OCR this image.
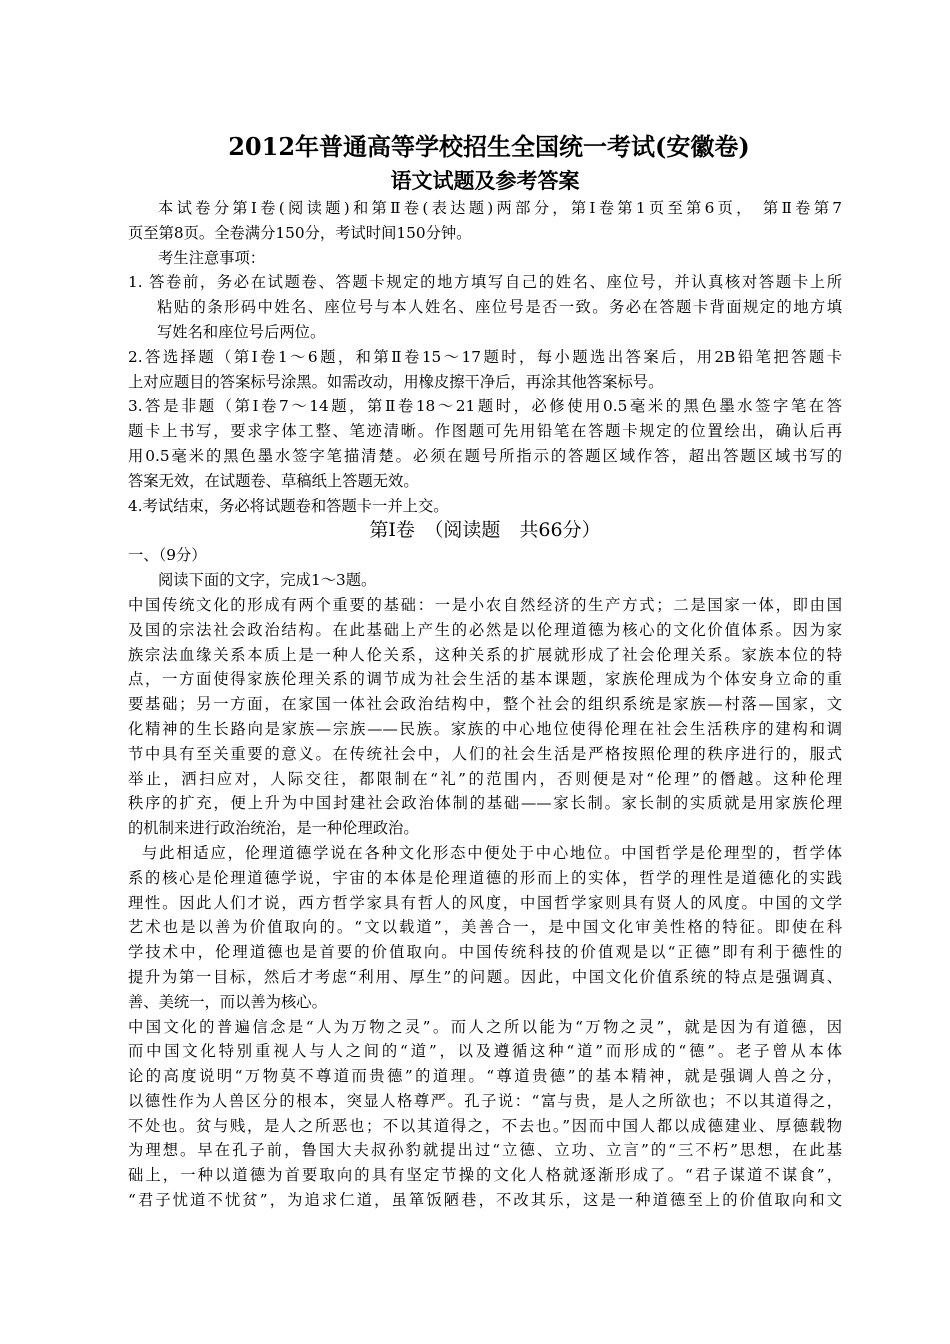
2012年普通高等学校招生全国统一考试(安徽卷)
语文试题及参考答案
本试卷分第Ⅰ卷(阅读题)和第Ⅱ卷(表达题)两部分，第Ⅰ卷第1页至第6页， 第Ⅱ卷第7
页至第8页。全卷满分150分，考试时间150分钟。
考生注意事项：
1. 答卷前，务必在试题卷、答题卡规定的地方填写自己的姓名、座位号，并认真核对答题卡上所
粘贴的条形码中姓名、座位号与本人姓名、座位号是否一致。务必在答题卡背面规定的地方填
写姓名和座位号后两位。
2.答选择题（第Ⅰ卷1～6题，和第Ⅱ卷15～17题时，每小题选出答案后，用2B铅笔把答题卡
上对应题目的答案标号涂黑。如需改动，用橡皮擦干净后，再涂其他答案标号。
3.答是非题（第Ⅰ卷7～14题，第Ⅱ卷18～21题时，必修使用0.5毫米的黑色墨水签字笔在答
题卡上书写，要求字体工整、笔迹清晰。作图题可先用铅笔在答题卡规定的位置绘出，确认后再
用0.5毫米的黑色墨水签字笔描清楚。必须在题号所指示的答题区域作答，超出答题区域书写的
答案无效，在试题卷、草稿纸上答题无效。
4.考试结束，务必将试题卷和答题卡一并上交。
第Ⅰ卷　（阅读题　共66分）
一、（9分）
阅读下面的文字，完成1～3题。
中国传统文化的形成有两个重要的基础：一是小农自然经济的生产方式；二是国家一体，即由国
及国的宗法社会政治结构。在此基础上产生的必然是以伦理道德为核心的文化价值体系。因为家
族宗法血缘关系本质上是一种人伦关系，这种关系的扩展就形成了社会伦理关系。家族本位的特
点，一方面使得家族伦理关系的调节成为社会生活的基本课题，家族伦理成为个体安身立命的重
要基础；另一方面，在家国一体社会政治结构中，整个社会的组织系统是家族—村落—国家，文
化精神的生长路向是家族—宗族——民族。家族的中心地位使得伦理在社会生活秩序的建构和调
节中具有至关重要的意义。在传统社会中，人们的社会生活是严格按照伦理的秩序进行的，服式
举止，洒扫应对，人际交往，都限制在“礼”的范围内，否则便是对“伦理”的僭越。这种伦理
秩序的扩充，便上升为中国封建社会政治体制的基础——家长制。家长制的实质就是用家族伦理
的机制来进行政治统治，是一种伦理政治。
与此相适应，伦理道德学说在各种文化形态中便处于中心地位。中国哲学是伦理型的，哲学体
系的核心是伦理道德学说，宇宙的本体是伦理道德的形而上的实体，哲学的理性是道德化的实践
理性。因此人们才说，西方哲学家具有哲人的风度，中国哲学家则具有贤人的风度。中国的文学
艺术也是以善为价值取向的。“文以载道”，美善合一，是中国文化审美性格的特征。即使在科
学技术中，伦理道德也是首要的价值取向。中国传统科技的价值观是以“正德”即有利于德性的
提升为第一目标，然后才考虑“利用、厚生”的问题。因此，中国文化价值系统的特点是强调真、
善、美统一，而以善为核心。
中国文化的普遍信念是“人为万物之灵”。而人之所以能为“万物之灵”，就是因为有道德，因
而中国文化特别重视人与人之间的“道”，以及遵循这种“道”而形成的“德”。老子曾从本体
论的高度说明“万物莫不尊道而贵德”的道理。“尊道贵德”的基本精神，就是强调人兽之分，
以德性作为人兽区分的根本，突显人格尊严。孔子说：“富与贵，是人之所欲也；不以其道得之，
不处也。贫与贱，是人之所恶也；不以其道得之，不去也。”因而中国人都以成德建业、厚德载物
为理想。早在孔子前，鲁国大夫叔孙豹就提出过“立德、立功、立言”的“三不朽”思想，在此基
础上，一种以道德为首要取向的具有坚定节操的文化人格就逐渐形成了。“君子谋道不谋食”，
“君子忧道不忧贫”，为追求仁道，虽箪饭陋巷，不改其乐，这是一种道德至上的价值取向和文
